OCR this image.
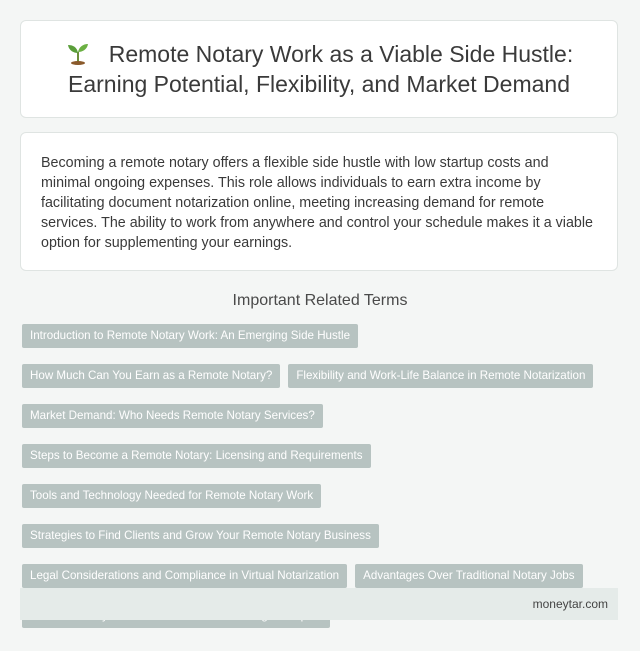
Remote Notary Work as a Viable Side Hustle: Earning Potential, Flexibility, and Market Demand

Becoming a remote notary offers a flexible side hustle with low startup costs and minimal ongoing expenses. This role allows individuals to earn extra income by facilitating document notarization online, meeting increasing demand for remote services. The ability to work from anywhere and control your schedule makes it a viable option for supplementing your earnings.

Important Related Terms
Introduction to Remote Notary Work: An Emerging Side Hustle
How Much Can You Earn as a Remote Notary?	Flexibility and Work-Life Balance in Remote Notarization
Market Demand: Who Needs Remote Notary Services?
Steps to Become a Remote Notary: Licensing and Requirements
Tools and Technology Needed for Remote Notary Work
Strategies to Find Clients and Grow Your Remote Notary Business
Legal Considerations and Compliance in Virtual Notarization	Advantages Over Traditional Notary Jobs
moneytar.com
